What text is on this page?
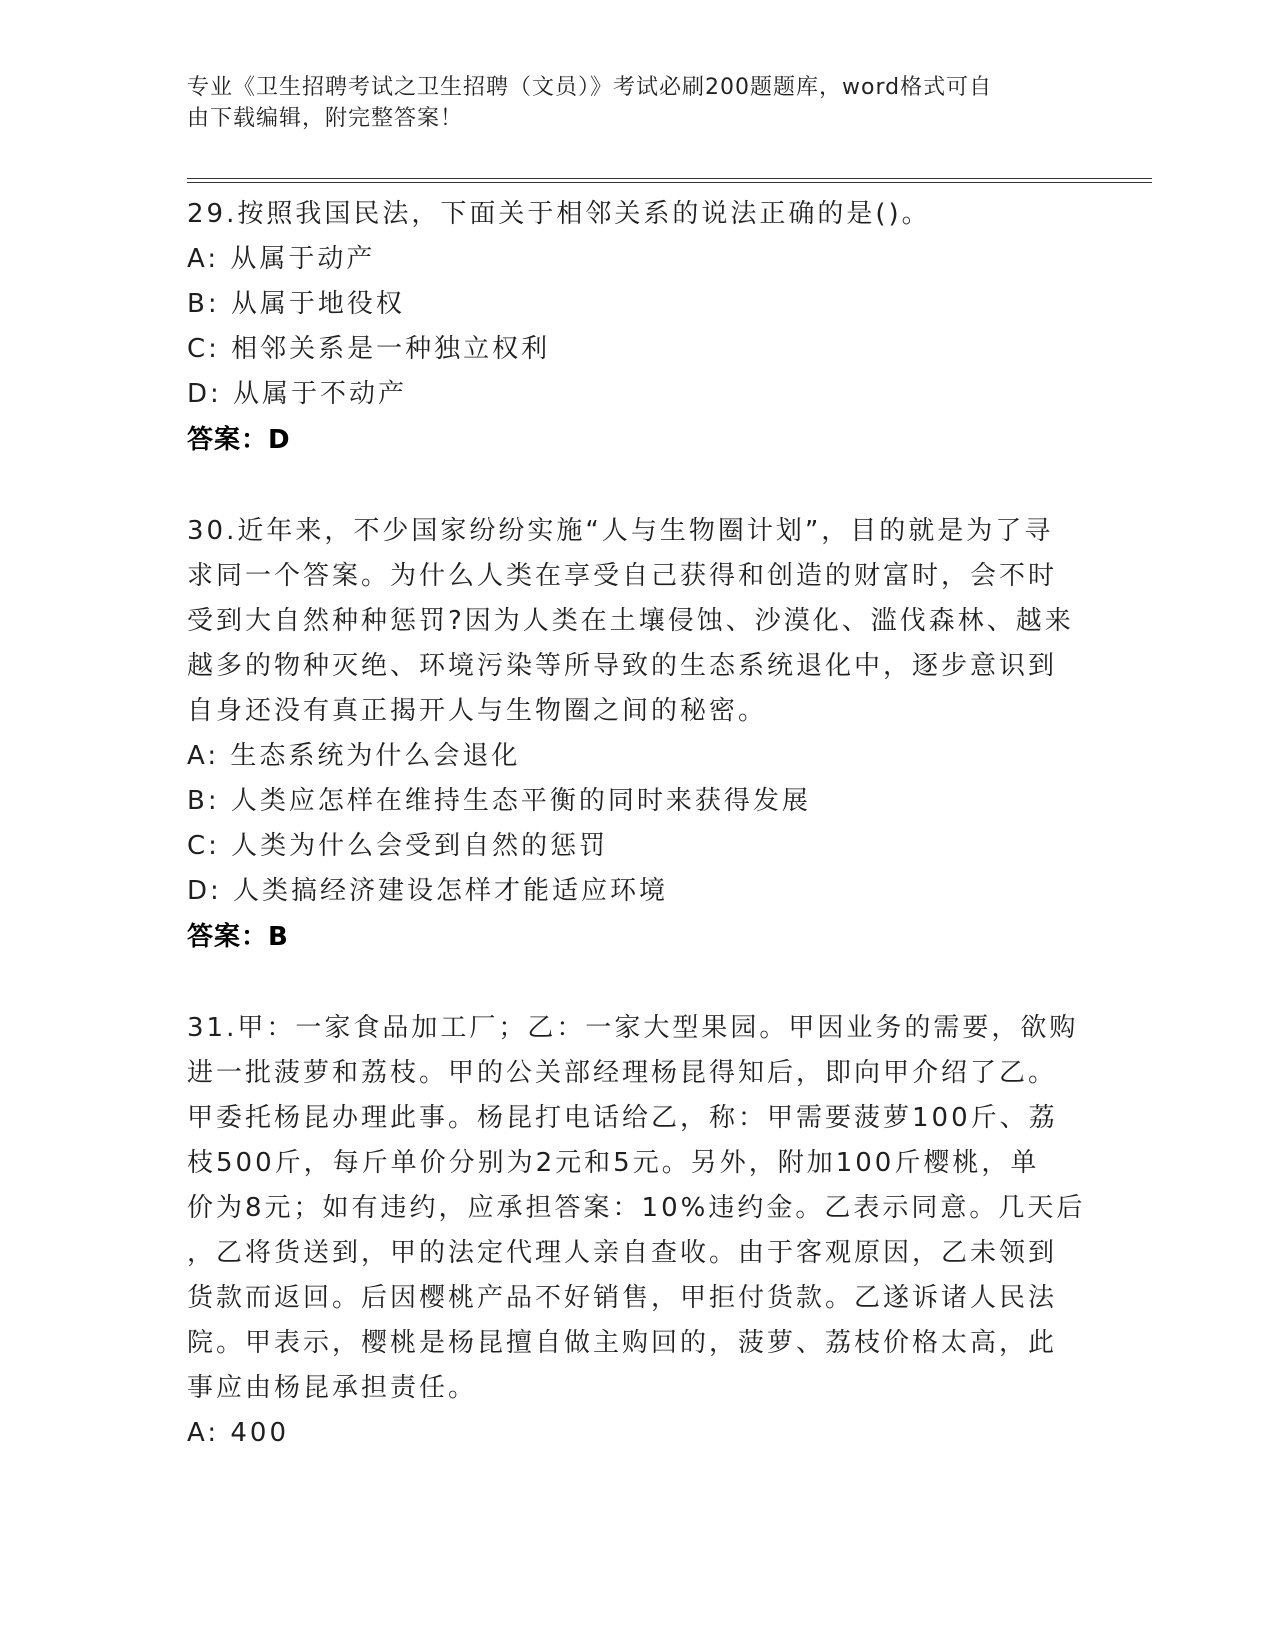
专业《卫生招聘考试之卫生招聘（文员）》考试必刷200题题库，word格式可自
由下载编辑，附完整答案！

29.按照我国民法，下面关于相邻关系的说法正确的是()。

A: 从属于动产

B: 从属于地役权

C: 相邻关系是一种独立权利

D: 从属于不动产

答案：D

30.近年来，不少国家纷纷实施“人与生物圈计划”，目的就是为了寻

求同一个答案。为什么人类在享受自己获得和创造的财富时，会不时

受到大自然种种惩罚?因为人类在土壤侵蚀、沙漠化、滥伐森林、越来

越多的物种灭绝、环境污染等所导致的生态系统退化中，逐步意识到

自身还没有真正揭开人与生物圈之间的秘密。

A: 生态系统为什么会退化

B: 人类应怎样在维持生态平衡的同时来获得发展

C: 人类为什么会受到自然的惩罚

D: 人类搞经济建设怎样才能适应环境

答案：B

31.甲：一家食品加工厂；乙：一家大型果园。甲因业务的需要，欲购

进一批菠萝和荔枝。甲的公关部经理杨昆得知后，即向甲介绍了乙。

甲委托杨昆办理此事。杨昆打电话给乙，称：甲需要菠萝100斤、荔

枝500斤，每斤单价分别为2元和5元。另外，附加100斤樱桃，单

价为8元；如有违约，应承担答案：10%违约金。乙表示同意。几天后

，乙将货送到，甲的法定代理人亲自查收。由于客观原因，乙未领到

货款而返回。后因樱桃产品不好销售，甲拒付货款。乙遂诉诸人民法

院。甲表示，樱桃是杨昆擅自做主购回的，菠萝、荔枝价格太高，此

事应由杨昆承担责任。

A: 400
